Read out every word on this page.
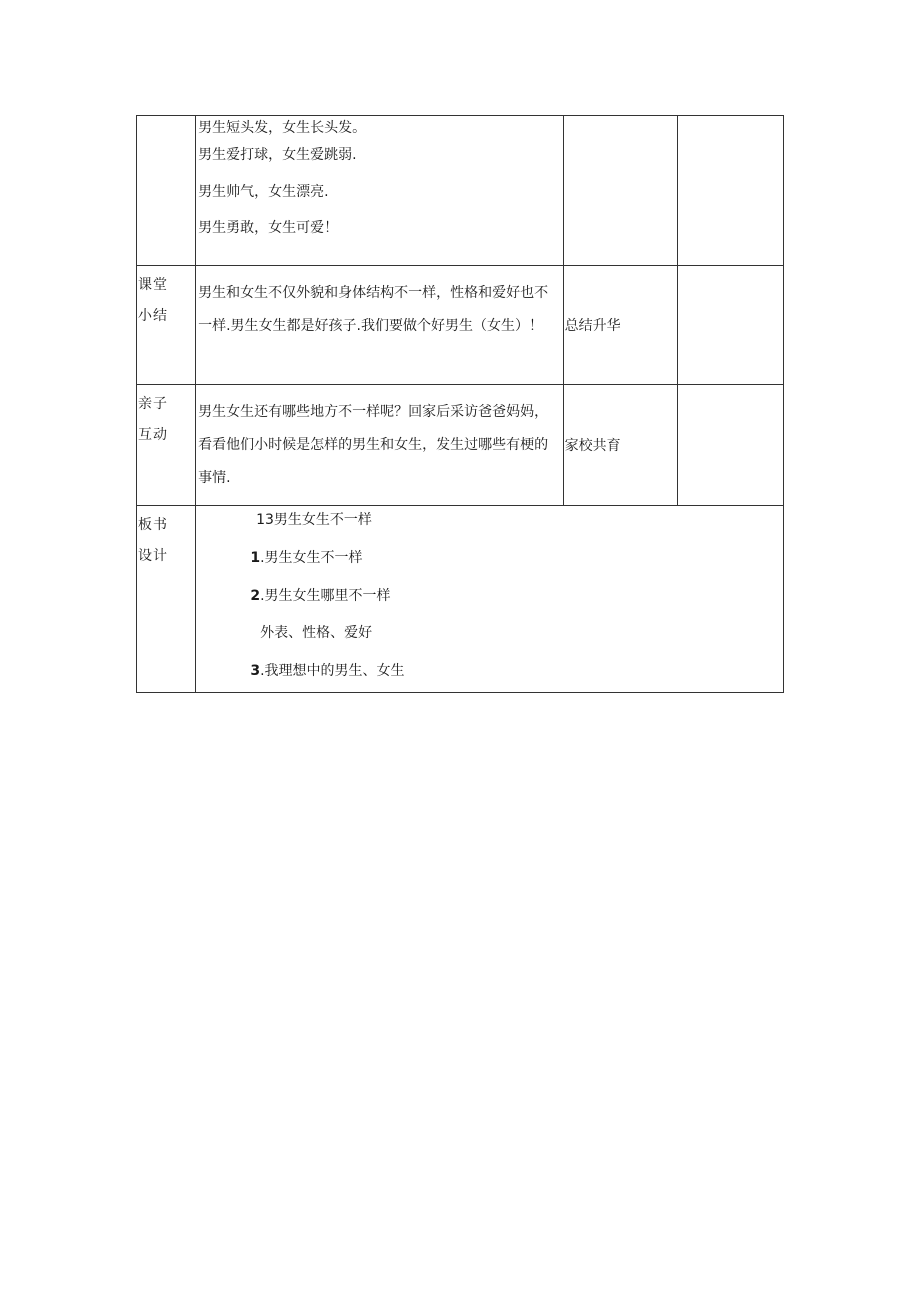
	男生短头发，女生长头发。
男生爱打球，女生爱跳弱.
男生帅气，女生漂亮.
男生勇敢，女生可爱！		

课堂
小结	男生和女生不仅外貌和身体结构不一样，性格和爱好也不一样.男生女生都是好孩子.我们要做个好男生（女生）！	总结升华	

亲子
互动	男生女生还有哪些地方不一样呢？回家后采访爸爸妈妈，看看他们小时候是怎样的男生和女生，发生过哪些有梗的事情.	家校共育	

板书
设计	13男生女生不一样
1.男生女生不一样
2.男生女生哪里不一样
外表、性格、爱好
3.我理想中的男生、女生		
